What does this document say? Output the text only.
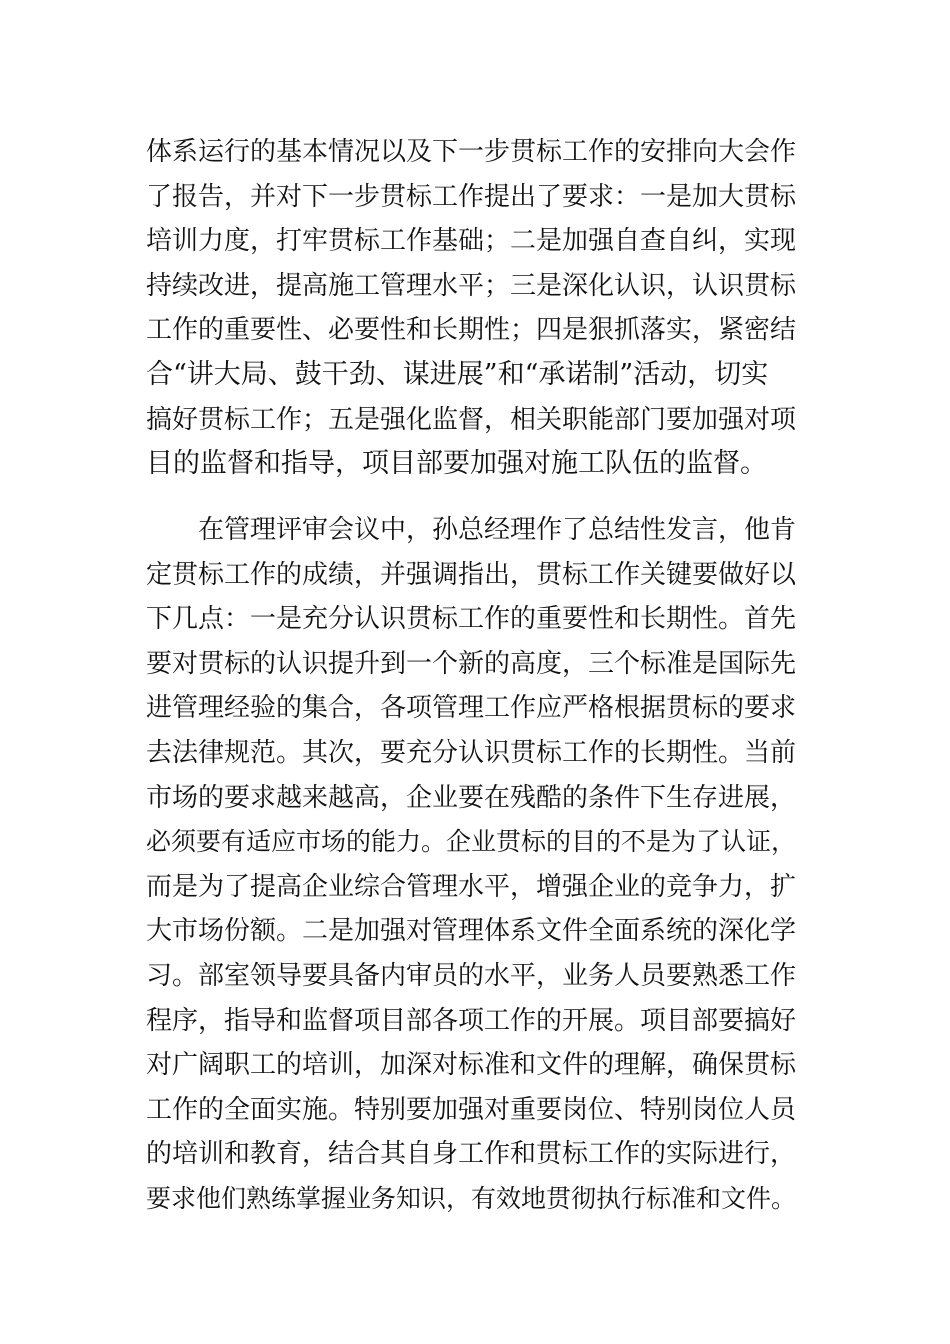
体系运行的基本情况以及下一步贯标工作的安排向大会作
了报告，并对下一步贯标工作提出了要求：一是加大贯标
培训力度，打牢贯标工作基础；二是加强自查自纠，实现
持续改进，提高施工管理水平；三是深化认识，认识贯标
工作的重要性、必要性和长期性；四是狠抓落实，紧密结
合“讲大局、鼓干劲、谋进展”和“承诺制”活动，切实
搞好贯标工作；五是强化监督，相关职能部门要加强对项
目的监督和指导，项目部要加强对施工队伍的监督。
　　在管理评审会议中，孙总经理作了总结性发言，他肯
定贯标工作的成绩，并强调指出，贯标工作关键要做好以
下几点：一是充分认识贯标工作的重要性和长期性。首先
要对贯标的认识提升到一个新的高度，三个标准是国际先
进管理经验的集合，各项管理工作应严格根据贯标的要求
去法律规范。其次，要充分认识贯标工作的长期性。当前
市场的要求越来越高，企业要在残酷的条件下生存进展，
必须要有适应市场的能力。企业贯标的目的不是为了认证，
而是为了提高企业综合管理水平，增强企业的竞争力，扩
大市场份额。二是加强对管理体系文件全面系统的深化学
习。部室领导要具备内审员的水平，业务人员要熟悉工作
程序，指导和监督项目部各项工作的开展。项目部要搞好
对广阔职工的培训，加深对标准和文件的理解，确保贯标
工作的全面实施。特别要加强对重要岗位、特别岗位人员
的培训和教育，结合其自身工作和贯标工作的实际进行，
要求他们熟练掌握业务知识，有效地贯彻执行标准和文件。
